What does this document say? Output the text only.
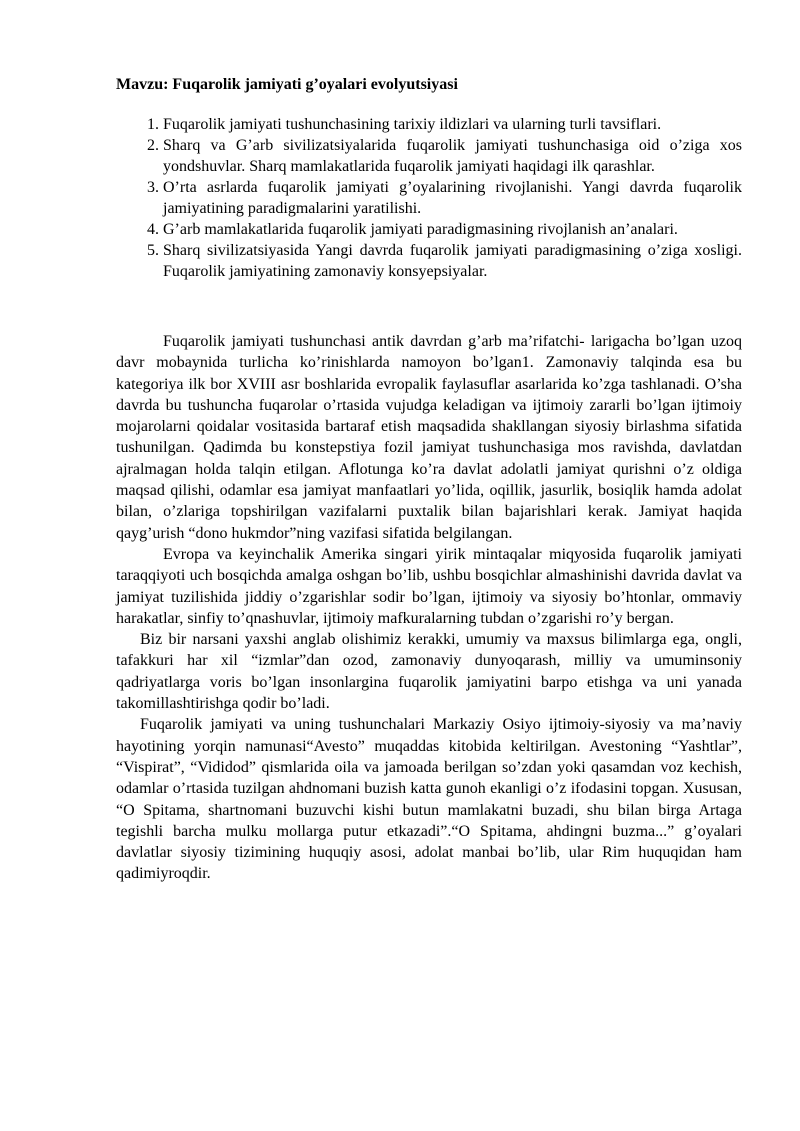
Mavzu: Fuqarolik jamiyati g’oyalari evolyutsiyasi
1. Fuqarolik jamiyati tushunchasining tarixiy ildizlari va ularning turli tavsiflari.
2. Sharq va G’arb sivilizatsiyalarida fuqarolik jamiyati tushunchasiga oid o’ziga xos yondshuvlar. Sharq mamlakatlarida fuqarolik jamiyati haqidagi ilk qarashlar.
3. O’rta asrlarda fuqarolik jamiyati g’oyalarining rivojlanishi. Yangi davrda fuqarolik jamiyatining paradigmalarini yaratilishi.
4. G’arb mamlakatlarida fuqarolik jamiyati paradigmasining rivojlanish an’analari.
5. Sharq sivilizatsiyasida Yangi davrda fuqarolik jamiyati paradigmasining o’ziga xosligi. Fuqarolik jamiyatining zamonaviy konsyepsiyalar.

Fuqarolik jamiyati tushunchasi antik davrdan g’arb ma’rifatchi- larigacha bo’lgan uzoq davr mobaynida turlicha ko’rinishlarda namoyon bo’lgan1. Zamonaviy talqinda esa bu kategoriya ilk bor XVIII asr boshlarida evropalik faylasuflar asarlarida ko’zga tashlanadi. O’sha davrda bu tushuncha fuqarolar o’rtasida vujudga keladigan va ijtimoiy zararli bo’lgan ijtimoiy mojarolarni qoidalar vositasida bartaraf etish maqsadida shakllangan siyosiy birlashma sifatida tushunilgan. Qadimda bu konstepstiya fozil jamiyat tushunchasiga mos ravishda, davlatdan ajralmagan holda talqin etilgan. Aflotunga ko’ra davlat adolatli jamiyat qurishni o’z oldiga maqsad qilishi, odamlar esa jamiyat manfaatlari yo’lida, oqillik, jasurlik, bosiqlik hamda adolat bilan, o’zlariga topshirilgan vazifalarni puxtalik bilan bajarishlari kerak. Jamiyat haqida qayg’urish “dono hukmdor”ning vazifasi sifatida belgilangan.

Evropa va keyinchalik Amerika singari yirik mintaqalar miqyosida fuqarolik jamiyati taraqqiyoti uch bosqichda amalga oshgan bo’lib, ushbu bosqichlar almashinishi davrida davlat va jamiyat tuzilishida jiddiy o’zgarishlar sodir bo’lgan, ijtimoiy va siyosiy bo’htonlar, ommaviy harakatlar, sinfiy to’qnashuvlar, ijtimoiy mafkuralarning tubdan o’zgarishi ro’y bergan.

Biz bir narsani yaxshi anglab olishimiz kerakki, umumiy va maxsus bilimlarga ega, ongli, tafakkuri har xil “izmlar”dan ozod, zamonaviy dunyoqarash, milliy va umuminsoniy qadriyatlarga voris bo’lgan insonlargina fuqarolik jamiyatini barpo etishga va uni yanada takomillashtirishga qodir bo’ladi.

Fuqarolik jamiyati va uning tushunchalari Markaziy Osiyo ijtimoiy-siyosiy va ma’naviy hayotining yorqin namunasi“Avesto” muqaddas kitobida keltirilgan. Avestoning “Yashtlar”, “Vispirat”, “Vididod” qismlarida oila va jamoada berilgan so’zdan yoki qasamdan voz kechish, odamlar o’rtasida tuzilgan ahdnomani buzish katta gunoh ekanligi o’z ifodasini topgan. Xususan, “O Spitama, shartnomani buzuvchi kishi butun mamlakatni buzadi, shu bilan birga Artaga tegishli barcha mulku mollarga putur etkazadi”.“O Spitama, ahdingni buzma...” g’oyalari davlatlar siyosiy tizimining huquqiy asosi, adolat manbai bo’lib, ular Rim huquqidan ham qadimiyroqdir.
